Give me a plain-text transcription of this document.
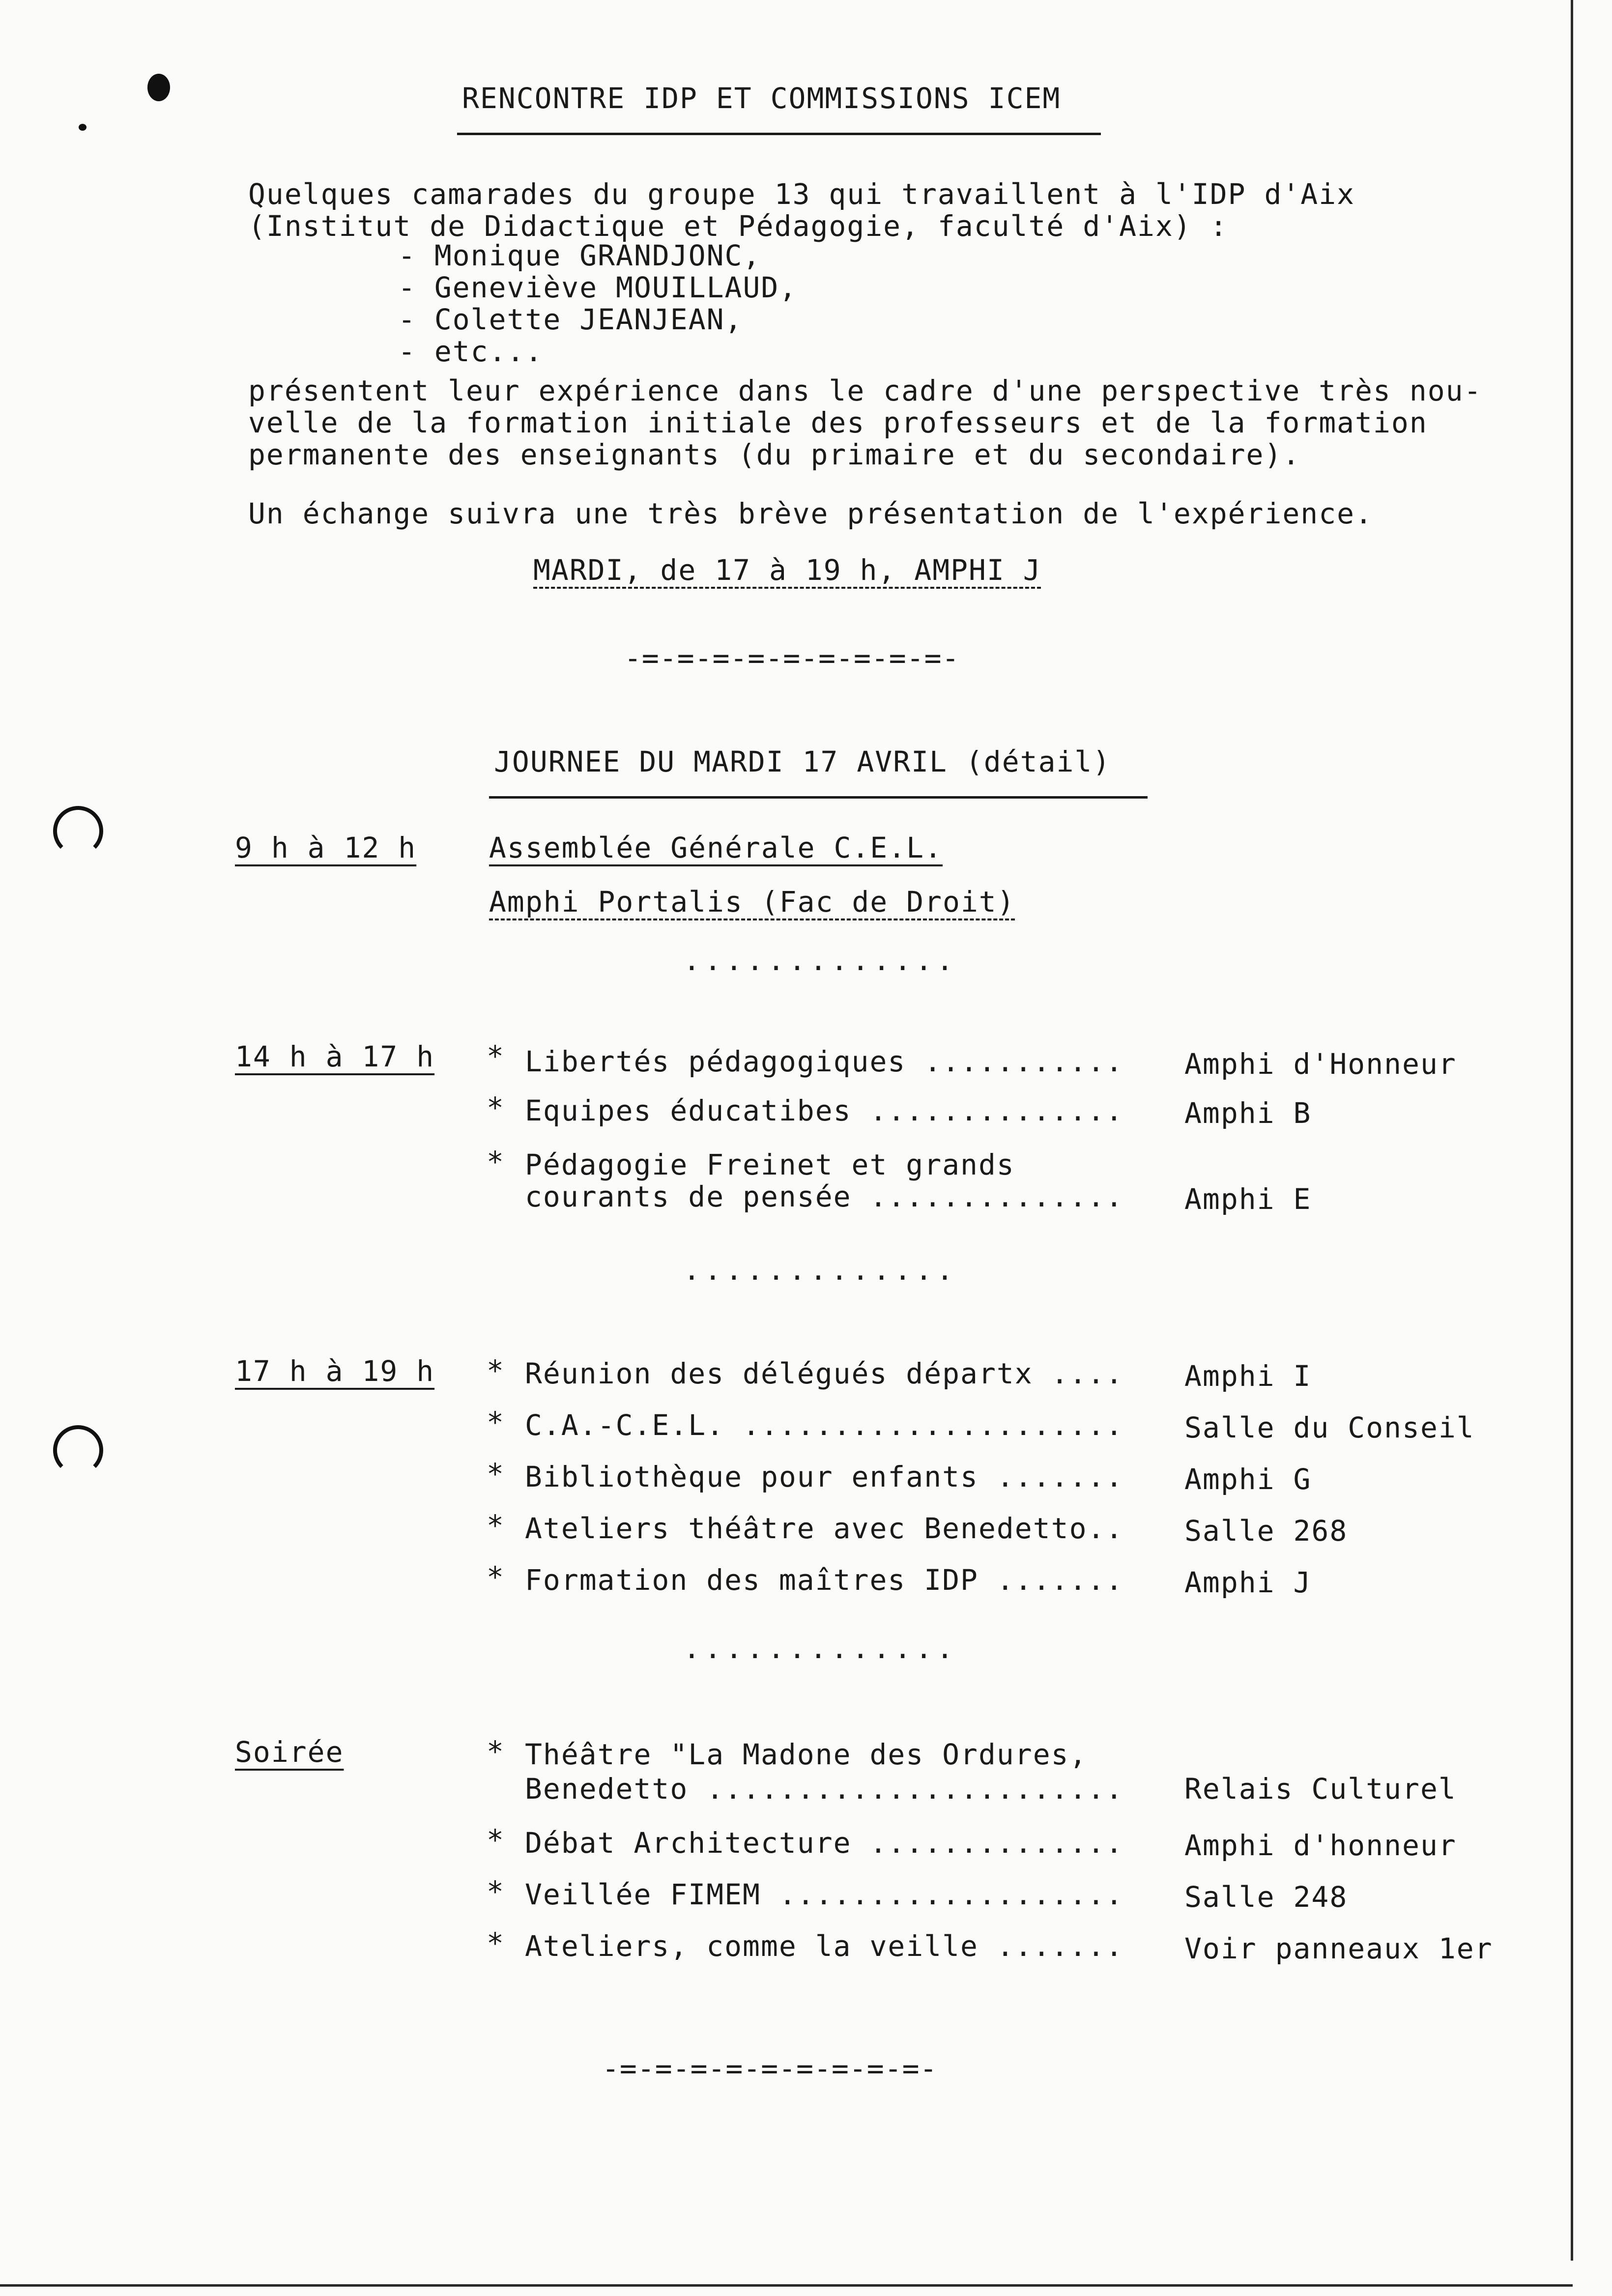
RENCONTRE IDP ET COMMISSIONS ICEM
Quelques camarades du groupe 13 qui travaillent à l'IDP d'Aix
(Institut de Didactique et Pédagogie, faculté d'Aix) :
- Monique GRANDJONC,
- Geneviève MOUILLAUD,
- Colette JEANJEAN,
- etc...
présentent leur expérience dans le cadre d'une perspective très nou-
velle de la formation initiale des professeurs et de la formation
permanente des enseignants (du primaire et du secondaire).
Un échange suivra une très brève présentation de l'expérience.
MARDI, de 17 à 19 h, AMPHI J
-=-=-=-=-=-=-=-=-=-
JOURNEE DU MARDI 17 AVRIL (détail)
9 h à 12 h	Assemblée Générale C.E.L.
Amphi Portalis (Fac de Droit)
.............
14 h à 17 h * Libertés pédagogiques ........... Amphi d'Honneur
* Equipes éducatibes .............. Amphi B
* Pédagogie Freinet et grands
courants de pensée .............. Amphi E
.............
17 h à 19 h * Réunion des délégués départx .... Amphi I
* C.A.-C.E.L. ..................... Salle du Conseil
* Bibliothèque pour enfants ....... Amphi G
* Ateliers théâtre avec Benedetto.. Salle 268
* Formation des maîtres IDP ....... Amphi J
.............
Soirée	* Théâtre "La Madone des Ordures,
Benedetto ....................... Relais Culturel
* Débat Architecture .............. Amphi d'honneur
* Veillée FIMEM ................... Salle 248
* Ateliers, comme la veille ....... Voir panneaux 1er
-=-=-=-=-=-=-=-=-=-
